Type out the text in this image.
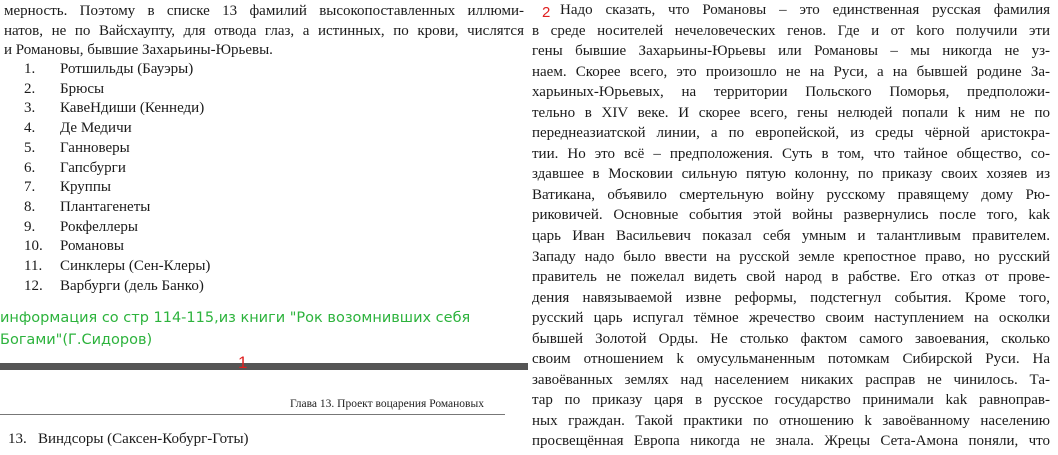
мерность. Поэтому в списке 13 фамилий высокопоставленных иллюми-
натов, не по Вайсхаупту, для отвода глаз, а истинных, по крови, числятся
и Романовы, бывшие Захарьины-Юрьевы.
1.	Ротшильды (Бауэры)
2.	Брюсы
3.	КавеНдиши (Кеннеди)
4.	Де Медичи
5.	Ганноверы
6.	Гапсбурги
7.	Круппы
8.	Плантагенеты
9.	Рокфеллеры
10.	Романовы
11.	Синклеры (Сен-Клеры)
12.	Варбурги (дель Банко)
информация со стр 114-115,из книги "Рок возомнивших себя Богами"(Г.Сидоров)
1
Глава 13. Проект воцарения Романовых
13. Виндсоры (Саксен-Кобург-Готы)
2 Надо сказать, что Романовы – это единственная русская фамилия
в среде носителей нечеловеческих генов. Где и от kого получили эти
гены бывшие Захарьины-Юрьевы или Романовы – мы никогда не уз-
наем. Скорее всего, это произошло не на Руси, а на бывшей родине За-
харьиных-Юрьевых, на территории Польского Поморья, предположи-
тельно в XIV веке. И скорее всего, гены нелюдей попали k ним не по
переднеазиатской линии, а по европейской, из среды чёрной аристокра-
тии. Но это всё – предположения. Суть в том, что тайное общество, со-
здавшее в Московии сильную пятую колонну, по приказу своих хозяев из
Ватикана, объявило смертельную войну русскому правящему дому Рю-
риковичей. Основные события этой войны развернулись после того, kak
царь Иван Васильевич показал себя умным и талантливым правителем.
Западу надо было ввести на русской земле крепостное право, но русский
правитель не пожелал видеть свой народ в рабстве. Его отказ от прове-
дения навязываемой извне реформы, подстегнул события. Кроме того,
русский царь испугал тёмное жречество своим наступлением на осколки
бывшей Золотой Орды. Не столько фактом самого завоевания, сколько
своим отношением k омусульманенным потомкам Сибирской Руси. На
завоёванных землях над населением никаких расправ не чинилось. Та-
тар по приказу царя в русское государство принимали kak равноправ-
ных граждан. Такой практики по отношению k завоёванному населению
просвещённая Европа никогда не знала. Жрецы Сета-Амона поняли, что
